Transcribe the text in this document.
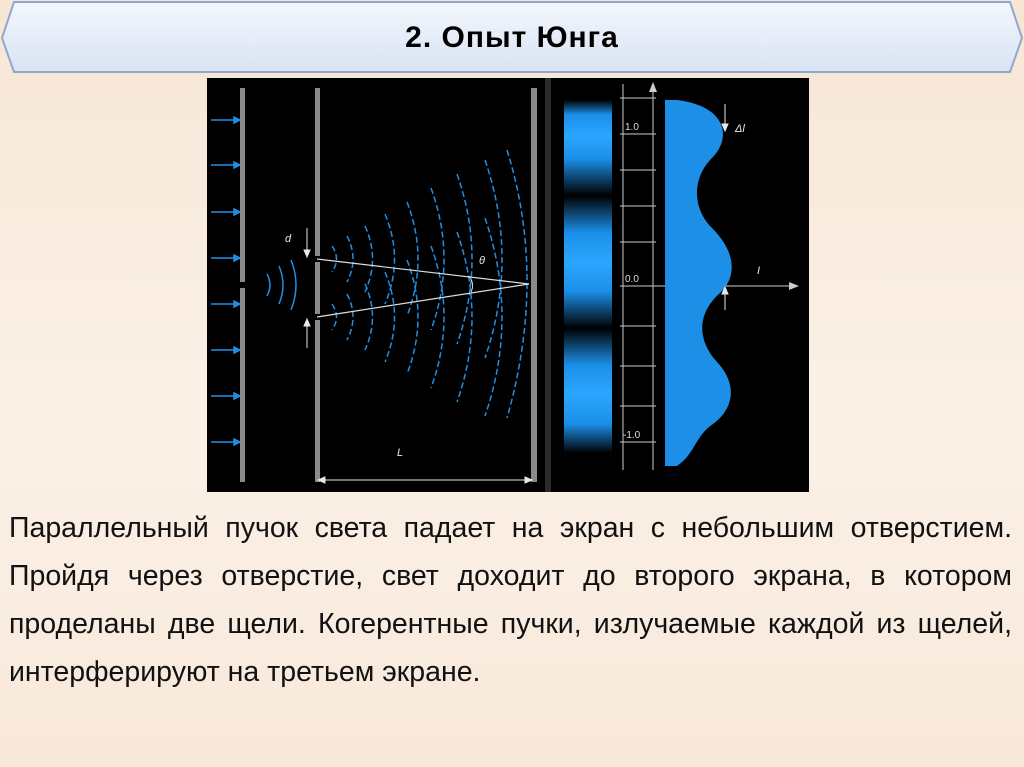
2. Опыт Юнга
d
θ
L
1.0
0.0
-1.0
Δl
I

Параллельный пучок света падает на экран с небольшим отверстием. Пройдя через отверстие, свет доходит до второго экрана, в котором проделаны две щели. Когерентные пучки, излучаемые каждой из щелей, интерферируют на третьем экране.
